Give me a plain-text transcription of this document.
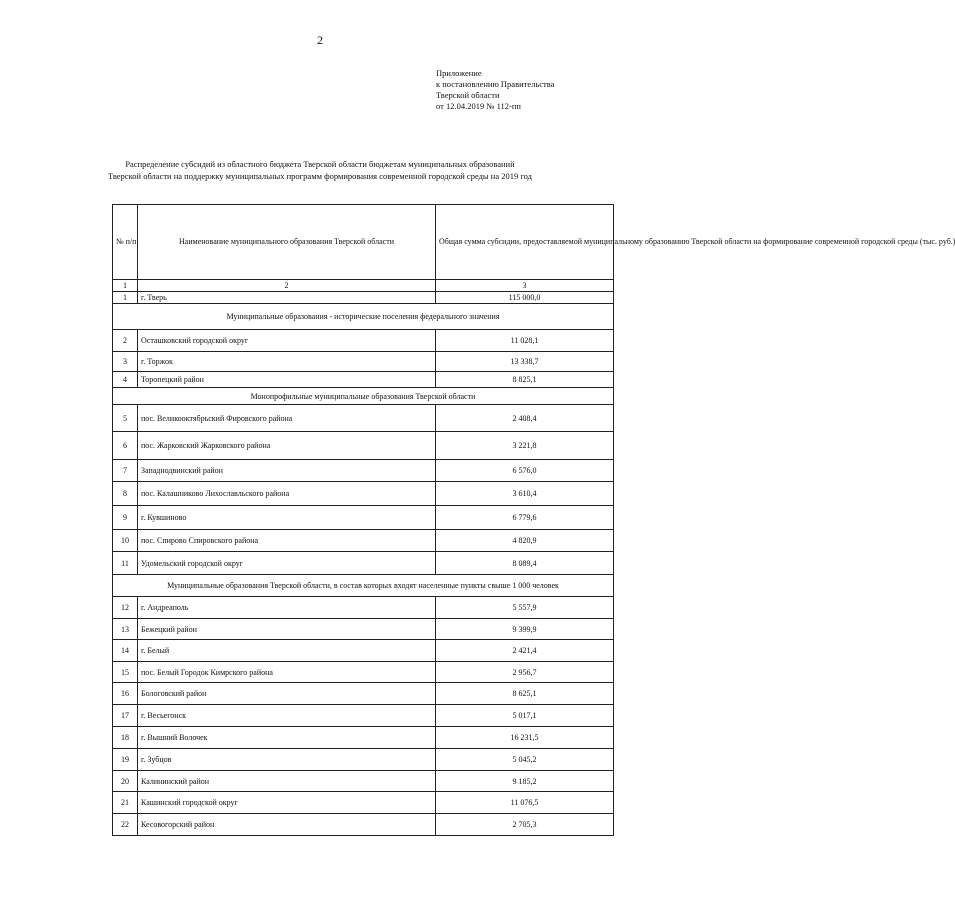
2
Приложение
к постановлению Правительства
Тверской области
от 12.04.2019 № 112-пп
Распределение субсидий из областного бюджета Тверской области бюджетам муниципальных образований
Тверской области на поддержку муниципальных программ формирования современной городской среды на 2019 год
№ п/п	Наименование муниципального образования Тверской области	Общая сумма субсидии, предоставляемой муниципальному образованию Тверской области на формирование современной городской среды (тыс. руб.)
1	2	3
1	г. Тверь	115 000,0
Муниципальные образования - исторические поселения федерального значения		
2	Осташковский городской округ	11 028,1
3	г. Торжок	13 338,7
4	Торопецкий район	8 825,1
Монопрофильные муниципальные образования Тверской области		
5	пос. Великооктябрьский Фировского района	2 408,4
6	пос. Жарковский Жарковского района	3 221,8
7	Западнодвинский район	6 576,0
8	пос. Калашниково Лихославльского района	3 610,4
9	г. Кувшиново	6 779,6
10	пос. Спирово Спировского района	4 820,9
11	Удомельский городской округ	8 089,4
Муниципальные образования Тверской области, в состав которых входят населенные пункты свыше 1 000 человек		
12	г. Андреаполь	5 557,9
13	Бежецкий район	9 399,9
14	г. Белый	2 421,4
15	пос. Белый Городок Кимрского района	2 956,7
16	Бологовский район	8 625,1
17	г. Весьегонск	5 017,1
18	г. Вышний Волочек	16 231,5
19	г. Зубцов	5 045,2
20	Калининский район	9 185,2
21	Кашинский городской округ	11 076,5
22	Кесовогорский район	2 705,3
